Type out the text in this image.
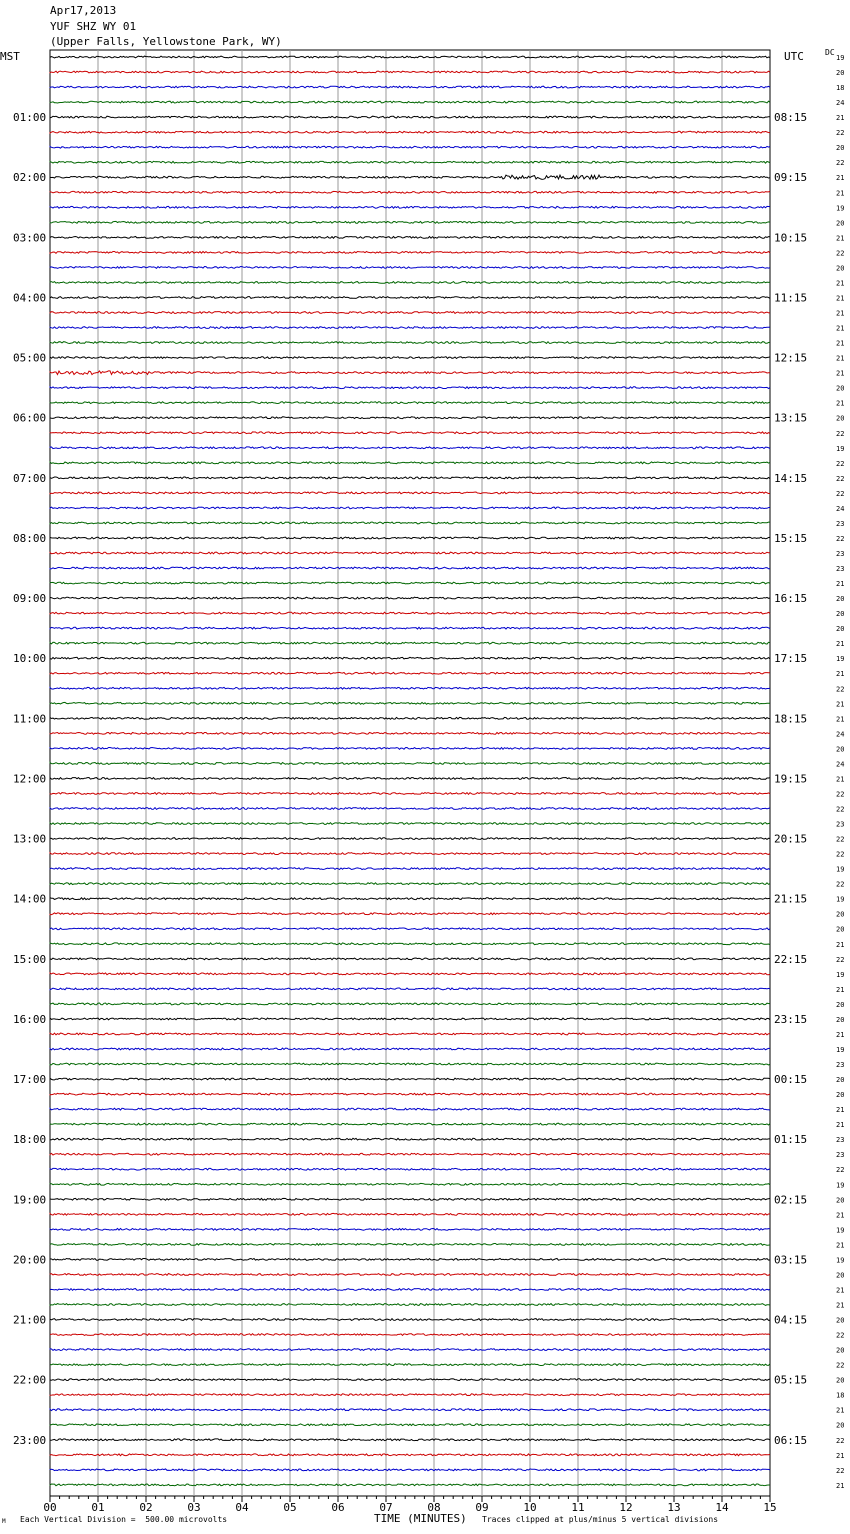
Apr17,2013
YUF SHZ WY 01
(Upper Falls, Yellowstone Park, WY)
MST	UTC	DC
01:00
02:00
03:00
04:00
05:00
06:00
07:00
08:00
09:00
10:00
11:00
12:00
13:00
14:00
15:00
16:00
17:00
18:00
19:00
20:00
21:00
22:00
23:00
08:15
09:15
10:15
11:15
12:15
13:15
14:15
15:15
16:15
17:15
18:15
19:15
20:15
21:15
22:15
23:15
00:15
01:15
02:15
03:15
04:15
05:15
06:15
19
20
18
24
21
22
20
22
21
21
19
20
21
22
20
21
21
21
21
21
21
21
20
21
20
22
19
22
22
22
24
23
22
23
23
21
20
20
20
21
19
21
22
21
21
24
20
24
21
22
22
23
22
22
19
22
19
20
20
21
22
19
21
20
20
21
19
23
20
20
21
21
23
23
22
19
20
21
19
21
19
20
21
21
20
22
20
22
20
18
21
20
22
21
22
21
00	01	02	03	04	05	06	07	08	09	10	11	12	13	14	15
M Each Vertical Division =  500.00 microvolts	TIME (MINUTES) Traces clipped at plus/minus 5 vertical divisions
